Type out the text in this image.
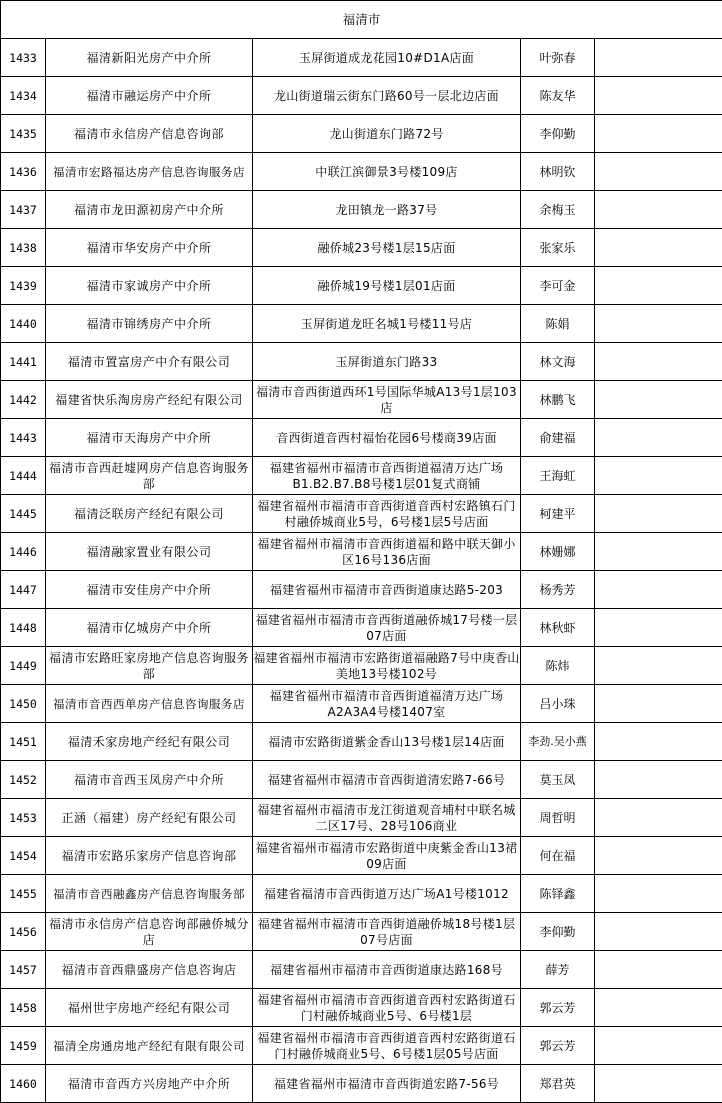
福清市				
1433	福清新阳光房产中介所	玉屏街道成龙花园10#D1A店面	叶弥春	
1434	福清市融运房产中介所	龙山街道瑞云街东门路60号一层北边店面	陈友华	
1435	福清市永信房产信息咨询部	龙山街道东门路72号	李仰勤	
1436	福清市宏路福达房产信息咨询服务店	中联江滨御景3号楼109店	林明钦	
1437	福清市龙田源初房产中介所	龙田镇龙一路37号	余梅玉	
1438	福清市华安房产中介所	融侨城23号楼1层15店面	张家乐	
1439	福清市家诚房产中介所	融侨城19号楼1层01店面	李可金	
1440	福清市锦绣房产中介所	玉屏街道龙旺名城1号楼11号店	陈娟	
1441	福清市置富房产中介有限公司	玉屏街道东门路33	林文海	
1442	福建省快乐淘房房产经纪有限公司	福清市音西街道西环1号国际华城A13号1层103店	林鹏飞	
1443	福清市天海房产中介所	音西街道音西村福怡花园6号楼商39店面	俞建福	
1444	福清市音西赶墟网房产信息咨询服务部	福建省福州市福清市音西街道福清万达广场B1.B2.B7.B8号楼1层01复式商铺	王海虹	
1445	福清泛联房产经纪有限公司	福建省福州市福清市音西街道音西村宏路镇石门村融侨城商业5号，6号楼1层5号店面	柯建平	
1446	福清融家置业有限公司	福建省福州市福清市音西街道福和路中联天御小区16号136店面	林姗娜	
1447	福清市安佳房产中介所	福建省福州市福清市音西街道康达路5-203	杨秀芳	
1448	福清市亿城房产中介所	福建省福州市福清市音西街道融侨城17号楼一层07店面	林秋虾	
1449	福清市宏路旺家房地产信息咨询服务部	福建省福州市福清市宏路街道福融路7号中庚香山美地13号楼102号	陈炜	
1450	福清市音西西单房产信息咨询服务店	福建省福州市福清市音西街道福清万达广场A2A3A4号楼1407室	吕小珠	
1451	福清禾家房地产经纪有限公司	福清市宏路街道紫金香山13号楼1层14店面	李劲.吴小燕	
1452	福清市音西玉凤房产中介所	福建省福州市福清市音西街道清宏路7-66号	莫玉凤	
1453	正涵（福建）房产经纪有限公司	福建省福州市福清市龙江街道观音埔村中联名城二区17号、28号106商业	周哲明	
1454	福清市宏路乐家房产信息咨询部	福建省福州市福清市宏路街道中庚紫金香山13裙09店面	何在福	
1455	福清市音西融鑫房产信息咨询服务部	福建省福清市音西街道万达广场A1号楼1012	陈铎鑫	
1456	福清市永信房产信息咨询部融侨城分店	福建省福州市福清市音西街道融侨城18号楼1层07号店面	李仰勤	
1457	福清市音西鼎盛房产信息咨询店	福建省福州市福清市音西街道康达路168号	薛芳	
1458	福州世宇房地产经纪有限公司	福建省福州市福清市音西街道音西村宏路街道石门村融侨城商业5号、6号楼1层	郭云芳	
1459	福清全房通房地产经纪有限有限公司	福建省福州市福清市音西街道音西村宏路街道石门村融侨城商业5号、6号楼1层05号店面	郭云芳	
1460	福清市音西方兴房地产中介所	福建省福州市福清市音西街道宏路7-56号	郑君英	
